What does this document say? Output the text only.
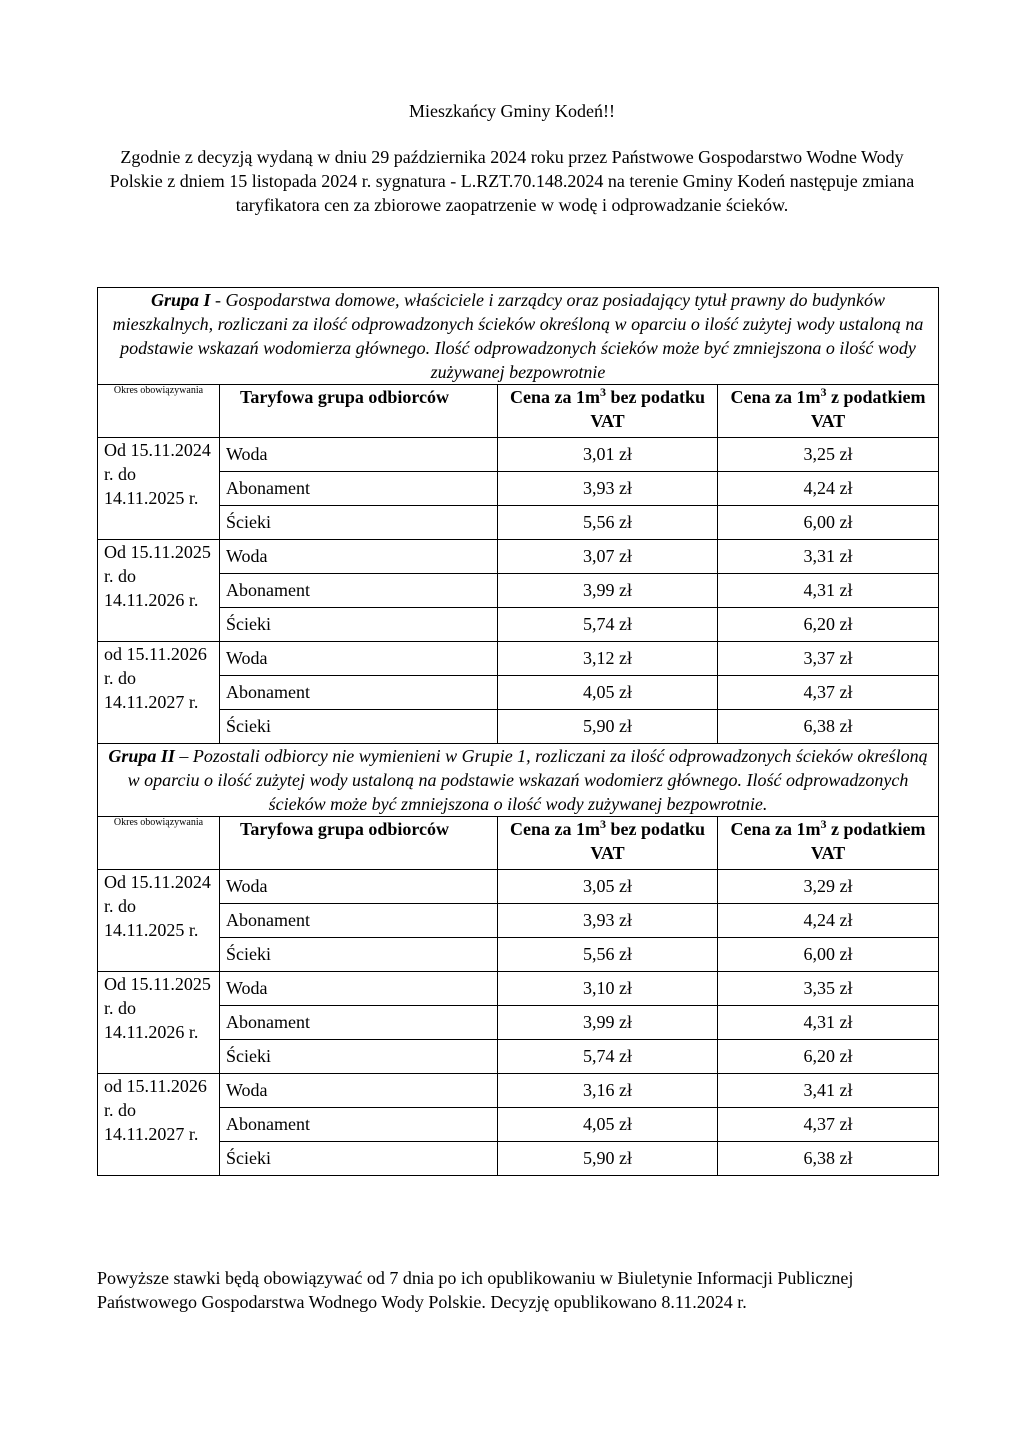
Mieszkańcy Gminy Kodeń!!
Zgodnie z decyzją wydaną w dniu 29 października 2024 roku przez Państwowe Gospodarstwo Wodne Wody Polskie z dniem 15 listopada 2024 r. sygnatura - L.RZT.70.148.2024 na terenie Gminy Kodeń następuje zmiana taryfikatora cen za zbiorowe zaopatrzenie w wodę i odprowadzanie ścieków.
Grupa I - Gospodarstwa domowe, właściciele i zarządcy oraz posiadający tytuł prawny do budynków mieszkalnych, rozliczani za ilość odprowadzonych ścieków określoną w oparciu o ilość zużytej wody ustaloną na podstawie wskazań wodomierza głównego. Ilość odprowadzonych ścieków może być zmniejszona o ilość wody zużywanej bezpowrotnie			
Okres obowiązywania	Taryfowa grupa odbiorców	Cena za $1m^3$ bez podatku VAT	Cena za $1m^3$ z podatkiem VAT
Od 15.11.2024 r. do 14.11.2025 r.	Woda	3,01 zł	3,25 zł
	Abonament	3,93 zł	4,24 zł
	Ścieki	5,56 zł	6,00 zł
Od 15.11.2025 r. do 14.11.2026 r.	Woda	3,07 zł	3,31 zł
	Abonament	3,99 zł	4,31 zł
	Ścieki	5,74 zł	6,20 zł
od 15.11.2026 r. do 14.11.2027 r.	Woda	3,12 zł	3,37 zł
	Abonament	4,05 zł	4,37 zł
	Ścieki	5,90 zł	6,38 zł
Grupa II – Pozostali odbiorcy nie wymienieni w Grupie 1, rozliczani za ilość odprowadzonych ścieków określoną w oparciu o ilość zużytej wody ustaloną na podstawie wskazań wodomierz głównego. Ilość odprowadzonych ścieków może być zmniejszona o ilość wody zużywanej bezpowrotnie.			
Okres obowiązywania	Taryfowa grupa odbiorców	Cena za $1m^3$ bez podatku VAT	Cena za $1m^3$ z podatkiem VAT
Od 15.11.2024 r. do 14.11.2025 r.	Woda	3,05 zł	3,29 zł
	Abonament	3,93 zł	4,24 zł
	Ścieki	5,56 zł	6,00 zł
Od 15.11.2025 r. do 14.11.2026 r.	Woda	3,10 zł	3,35 zł
	Abonament	3,99 zł	4,31 zł
	Ścieki	5,74 zł	6,20 zł
od 15.11.2026 r. do 14.11.2027 r.	Woda	3,16 zł	3,41 zł
	Abonament	4,05 zł	4,37 zł
	Ścieki	5,90 zł	6,38 zł
Powyższe stawki będą obowiązywać od 7 dnia po ich opublikowaniu w Biuletynie Informacji Publicznej Państwowego Gospodarstwa Wodnego Wody Polskie. Decyzję opublikowano 8.11.2024 r.
